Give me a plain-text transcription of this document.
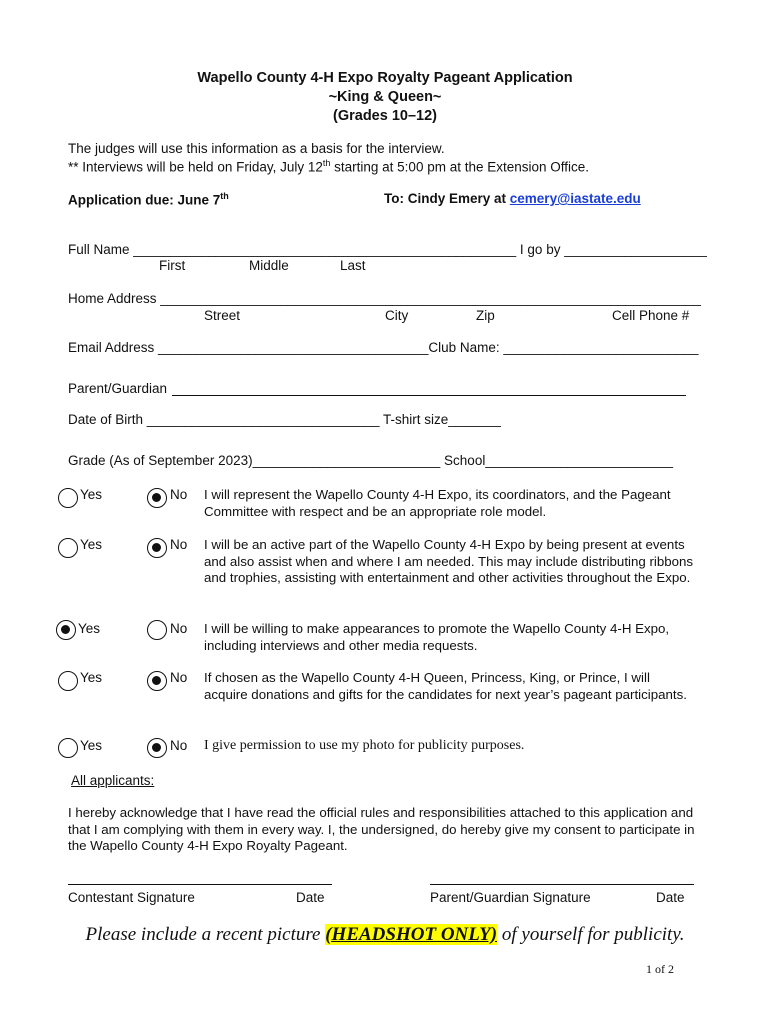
Wapello County 4-H Expo Royalty Pageant Application
~King & Queen~
(Grades 10–12)
The judges will use this information as a basis for the interview.
** Interviews will be held on Friday, July 12th starting at 5:00 pm at the Extension Office.
Application due: June 7th	To: Cindy Emery at cemery@iastate.edu
Full Name ___________________________________________________ I go by ___________________
First	Middle	Last
Home Address ________________________________________________________________________
Street	City	Zip	Cell Phone #
Email Address ____________________________________Club Name: __________________________
Parent/Guardian
Date of Birth _______________________________ T-shirt size_______
Grade (As of September 2023)_________________________ School_________________________
Yes	No I will represent the Wapello County 4-H Expo, its coordinators, and the Pageant Committee with respect and be an appropriate role model.
Yes	No I will be an active part of the Wapello County 4-H Expo by being present at events and also assist when and where I am needed. This may include distributing ribbons and trophies, assisting with entertainment and other activities throughout the Expo.
Yes	No I will be willing to make appearances to promote the Wapello County 4-H Expo, including interviews and other media requests.
Yes	No If chosen as the Wapello County 4-H Queen, Princess, King, or Prince, I will acquire donations and gifts for the candidates for next year’s pageant participants.
Yes	No I give permission to use my photo for publicity purposes.
All applicants:
I hereby acknowledge that I have read the official rules and responsibilities attached to this application and that I am complying with them in every way. I, the undersigned, do hereby give my consent to participate in the Wapello County 4-H Expo Royalty Pageant.
Contestant Signature	Date	Parent/Guardian Signature	Date
Please include a recent picture (HEADSHOT ONLY) of yourself for publicity.
1 of 2
